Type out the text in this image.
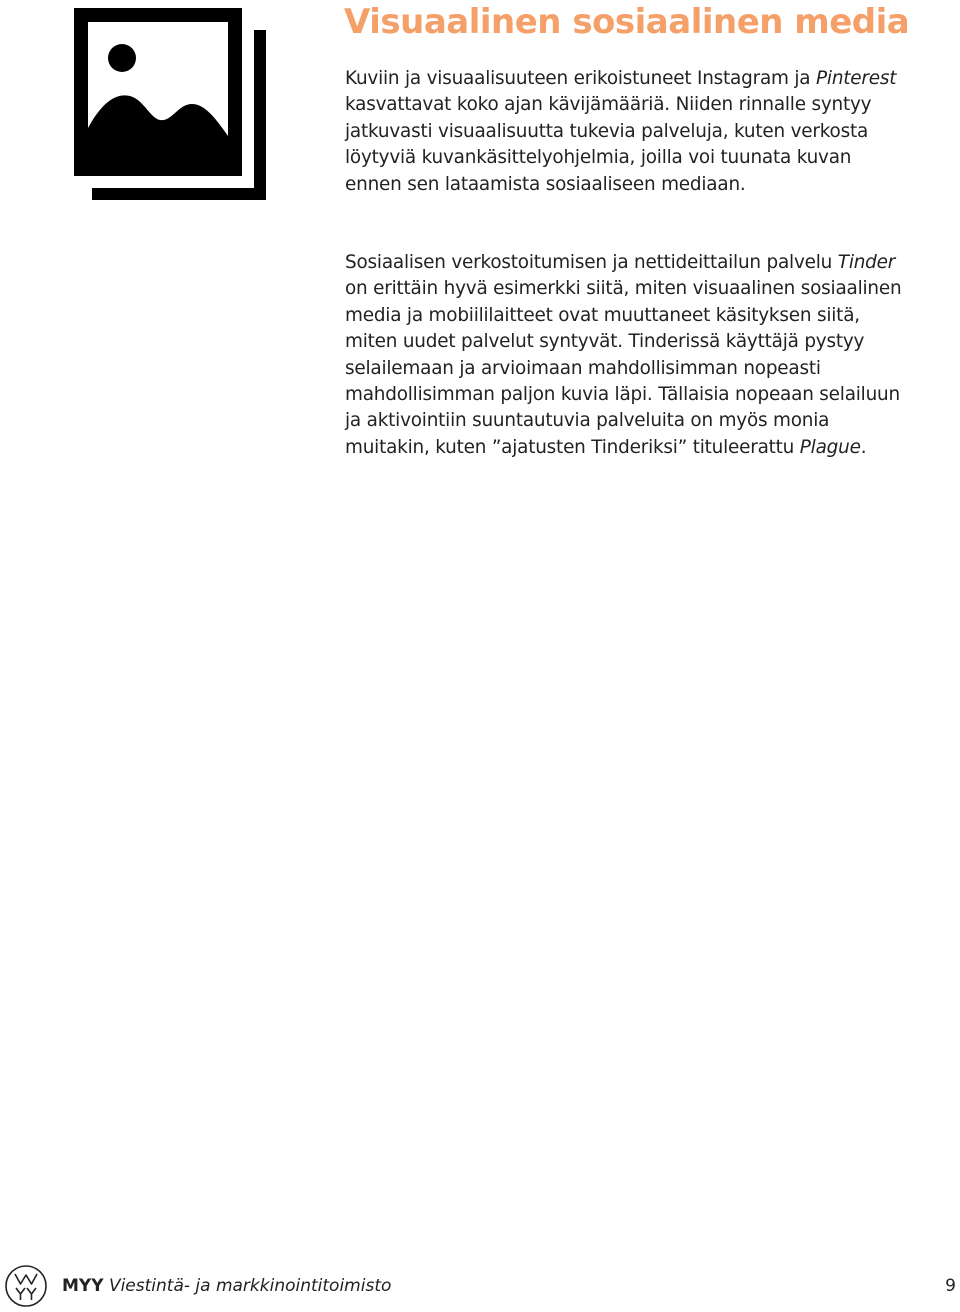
Visuaalinen sosiaalinen media

Kuviin ja visuaalisuuteen erikoistuneet Instagram ja Pinterest kasvattavat koko ajan kävijämääriä. Niiden rinnalle syntyy jatkuvasti visuaalisuutta tukevia palveluja, kuten verkosta löytyviä kuvankäsittelyohjelmia, joilla voi tuunata kuvan ennen sen lataamista sosiaaliseen mediaan.

Sosiaalisen verkostoitumisen ja nettideittailun palvelu Tinder on erittäin hyvä esimerkki siitä, miten visuaalinen sosiaalinen media ja mobiililaitteet ovat muuttaneet käsityksen siitä, miten uudet palvelut syntyvät. Tinderissä käyttäjä pystyy selailemaan ja arvioimaan mahdollisimman nopeasti mahdollisimman paljon kuvia läpi. Tällaisia nopeaan selailuun ja aktivointiin suuntautuvia palveluita on myös monia muitakin, kuten ”ajatusten Tinderiksi” tituleerattu Plague.

MYY Viestintä- ja markkinointitoimisto	9
